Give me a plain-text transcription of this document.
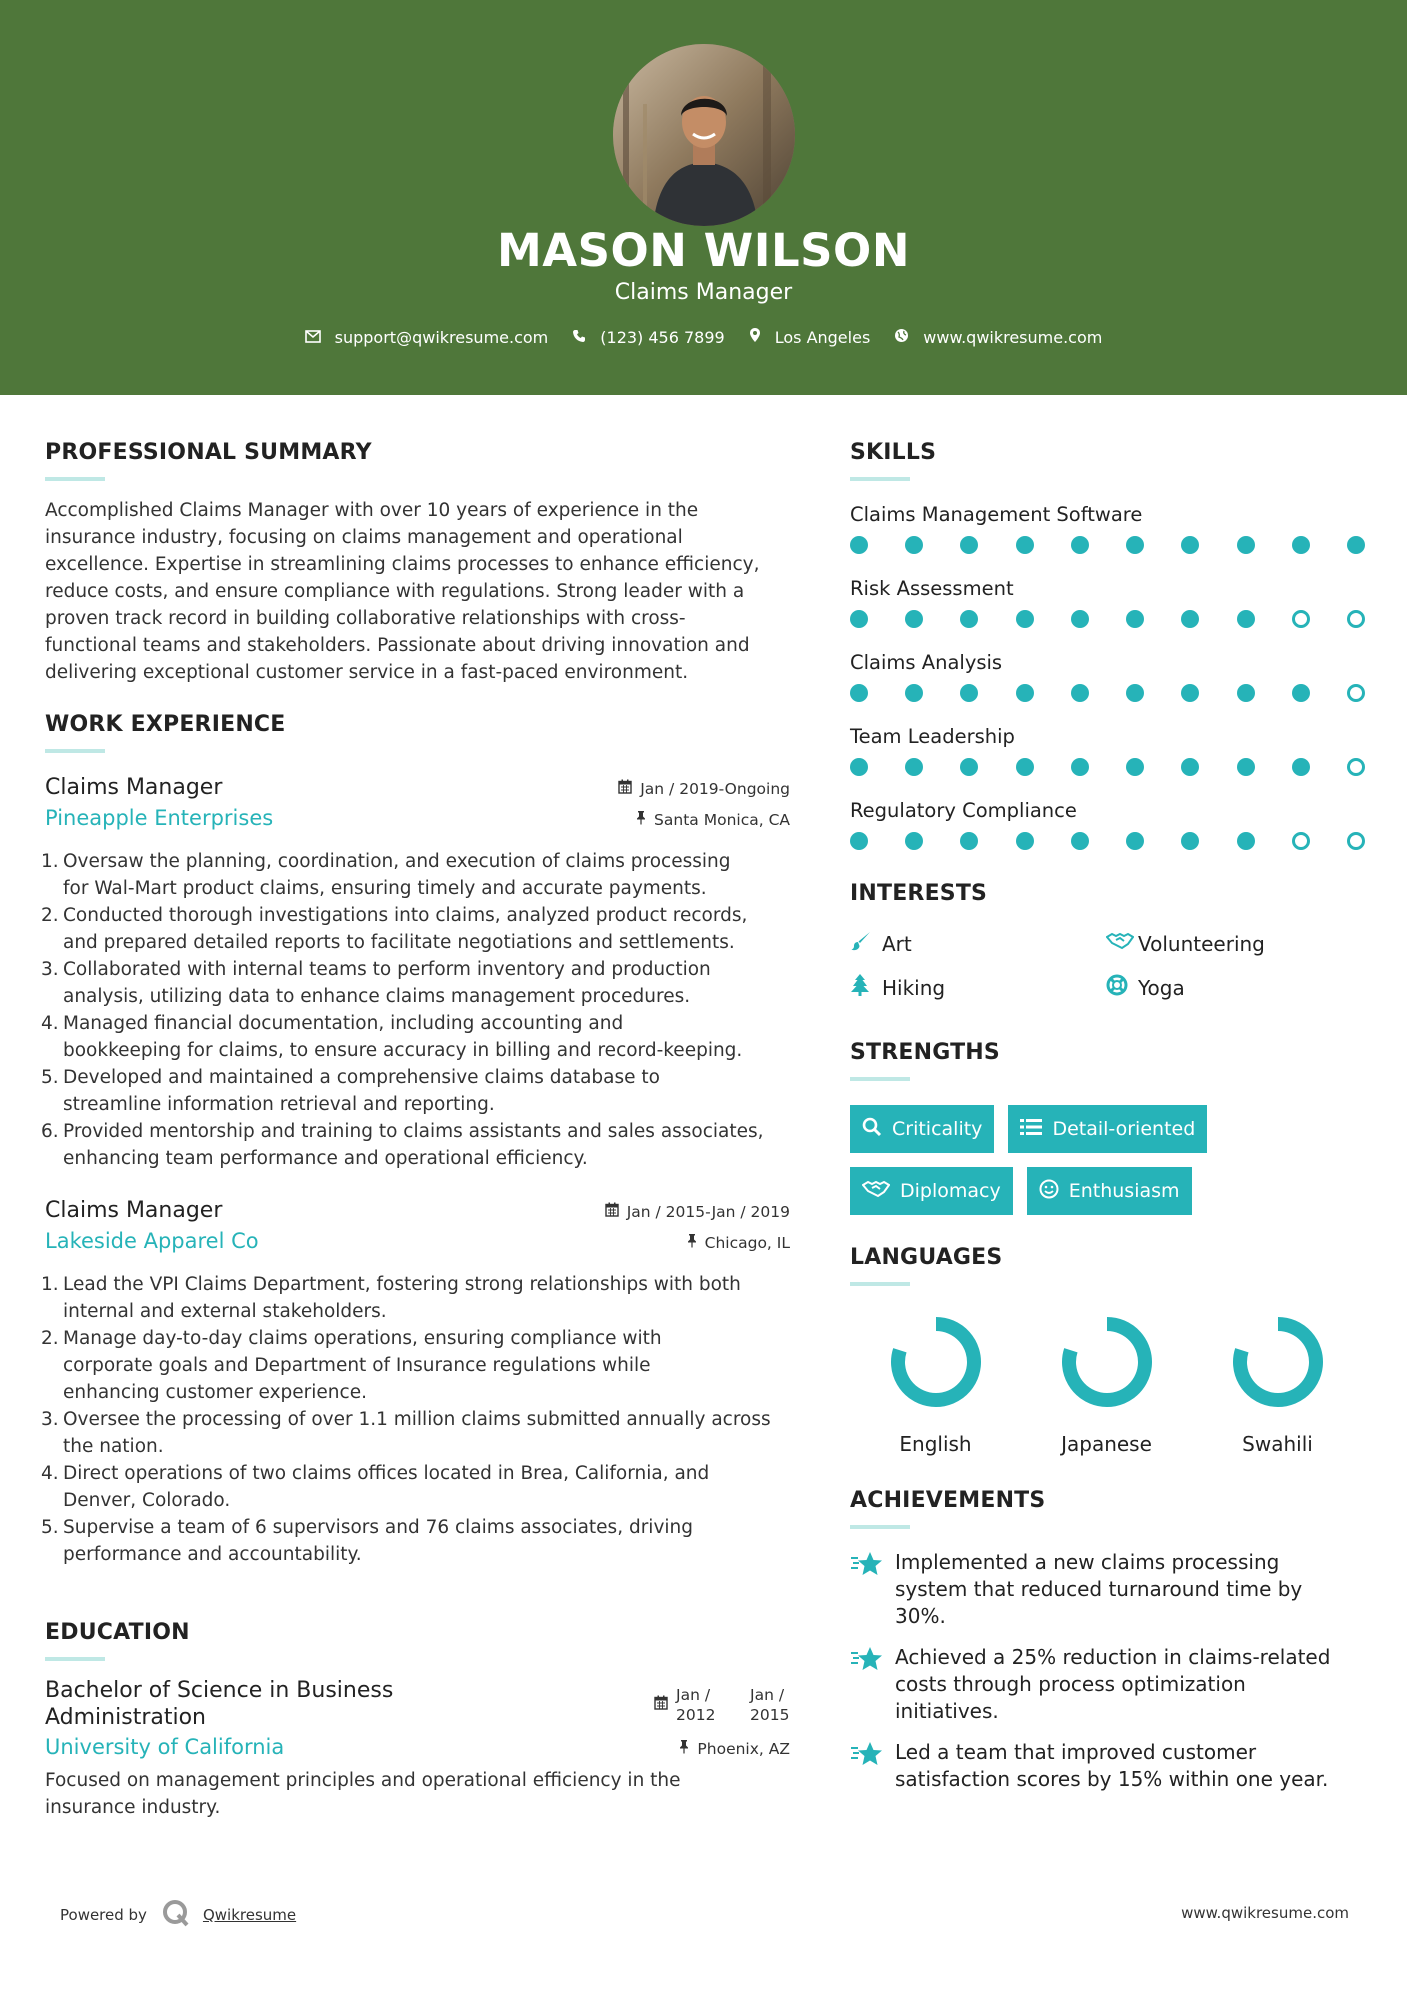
MASON WILSON
Claims Manager
support@qwikresume.com	(123) 456 7899	Los Angeles	www.qwikresume.com
PROFESSIONAL SUMMARY
Accomplished Claims Manager with over 10 years of experience in the
insurance industry, focusing on claims management and operational
excellence. Expertise in streamlining claims processes to enhance efficiency,
reduce costs, and ensure compliance with regulations. Strong leader with a
proven track record in building collaborative relationships with cross-
functional teams and stakeholders. Passionate about driving innovation and
delivering exceptional customer service in a fast-paced environment.
WORK EXPERIENCE
Claims Manager	Jan / 2019-Ongoing
Pineapple Enterprises	Santa Monica, CA
1. Oversaw the planning, coordination, and execution of claims processing
for Wal-Mart product claims, ensuring timely and accurate payments.
2. Conducted thorough investigations into claims, analyzed product records,
and prepared detailed reports to facilitate negotiations and settlements.
3. Collaborated with internal teams to perform inventory and production
analysis, utilizing data to enhance claims management procedures.
4. Managed financial documentation, including accounting and
bookkeeping for claims, to ensure accuracy in billing and record-keeping.
5. Developed and maintained a comprehensive claims database to
streamline information retrieval and reporting.
6. Provided mentorship and training to claims assistants and sales associates,
enhancing team performance and operational efficiency.
Claims Manager	Jan / 2015-Jan / 2019
Lakeside Apparel Co	Chicago, IL
1. Lead the VPI Claims Department, fostering strong relationships with both
internal and external stakeholders.
2. Manage day-to-day claims operations, ensuring compliance with
corporate goals and Department of Insurance regulations while
enhancing customer experience.
3. Oversee the processing of over 1.1 million claims submitted annually across
the nation.
4. Direct operations of two claims offices located in Brea, California, and
Denver, Colorado.
5. Supervise a team of 6 supervisors and 76 claims associates, driving
performance and accountability.
EDUCATION
Bachelor of Science in Business
Administration
Jan /
2012
Jan /
2015
University of California	Phoenix, AZ
Focused on management principles and operational efficiency in the
insurance industry.
SKILLS
Claims Management Software
Risk Assessment
Claims Analysis
Team Leadership
Regulatory Compliance
INTERESTS
Art	Volunteering
Hiking	Yoga
STRENGTHS
Criticality	Detail-oriented
Diplomacy	Enthusiasm
LANGUAGES
English	Japanese	Swahili
ACHIEVEMENTS
Implemented a new claims processing
system that reduced turnaround time by
30%.
Achieved a 25% reduction in claims-related
costs through process optimization
initiatives.
Led a team that improved customer
satisfaction scores by 15% within one year.
Powered by	Qwikresume	www.qwikresume.com
